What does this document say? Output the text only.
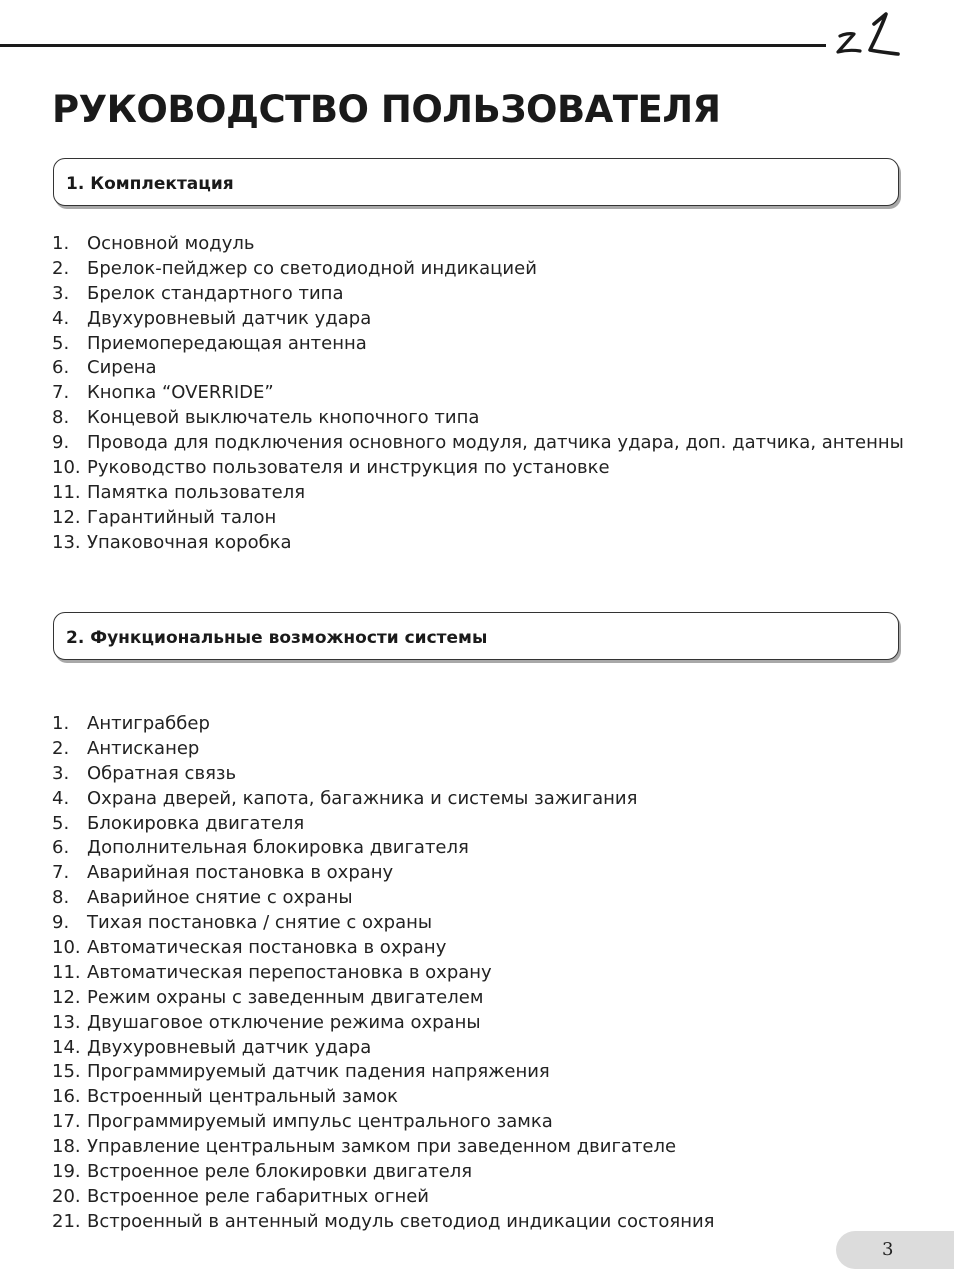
РУКОВОДСТВО ПОЛЬЗОВАТЕЛЯ
1. Комплектация
1. Основной модуль
2. Брелок-пейджер со светодиодной индикацией
3. Брелок стандартного типа
4. Двухуровневый датчик удара
5. Приемопередающая антенна
6. Сирена
7. Кнопка “OVERRIDE”
8. Концевой выключатель кнопочного типа
9. Провода для подключения основного модуля, датчика удара, доп. датчика, антенны
10. Руководство пользователя и инструкция по установке
11. Памятка пользователя
12. Гарантийный талон
13. Упаковочная коробка
2. Функциональные возможности системы
1. Антиграббер
2. Антисканер
3. Обратная связь
4. Охрана дверей, капота, багажника и системы зажигания
5. Блокировка двигателя
6. Дополнительная блокировка двигателя
7. Аварийная постановка в охрану
8. Аварийное снятие с охраны
9. Тихая постановка / снятие с охраны
10. Автоматическая постановка в охрану
11. Автоматическая перепостановка в охрану
12. Режим охраны с заведенным двигателем
13. Двушаговое отключение режима охраны
14. Двухуровневый датчик удара
15. Программируемый датчик падения напряжения
16. Встроенный центральный замок
17. Программируемый импульс центрального замка
18. Управление центральным замком при заведенном двигателе
19. Встроенное реле блокировки двигателя
20. Встроенное реле габаритных огней
21. Встроенный в антенный модуль светодиод индикации состояния
3
